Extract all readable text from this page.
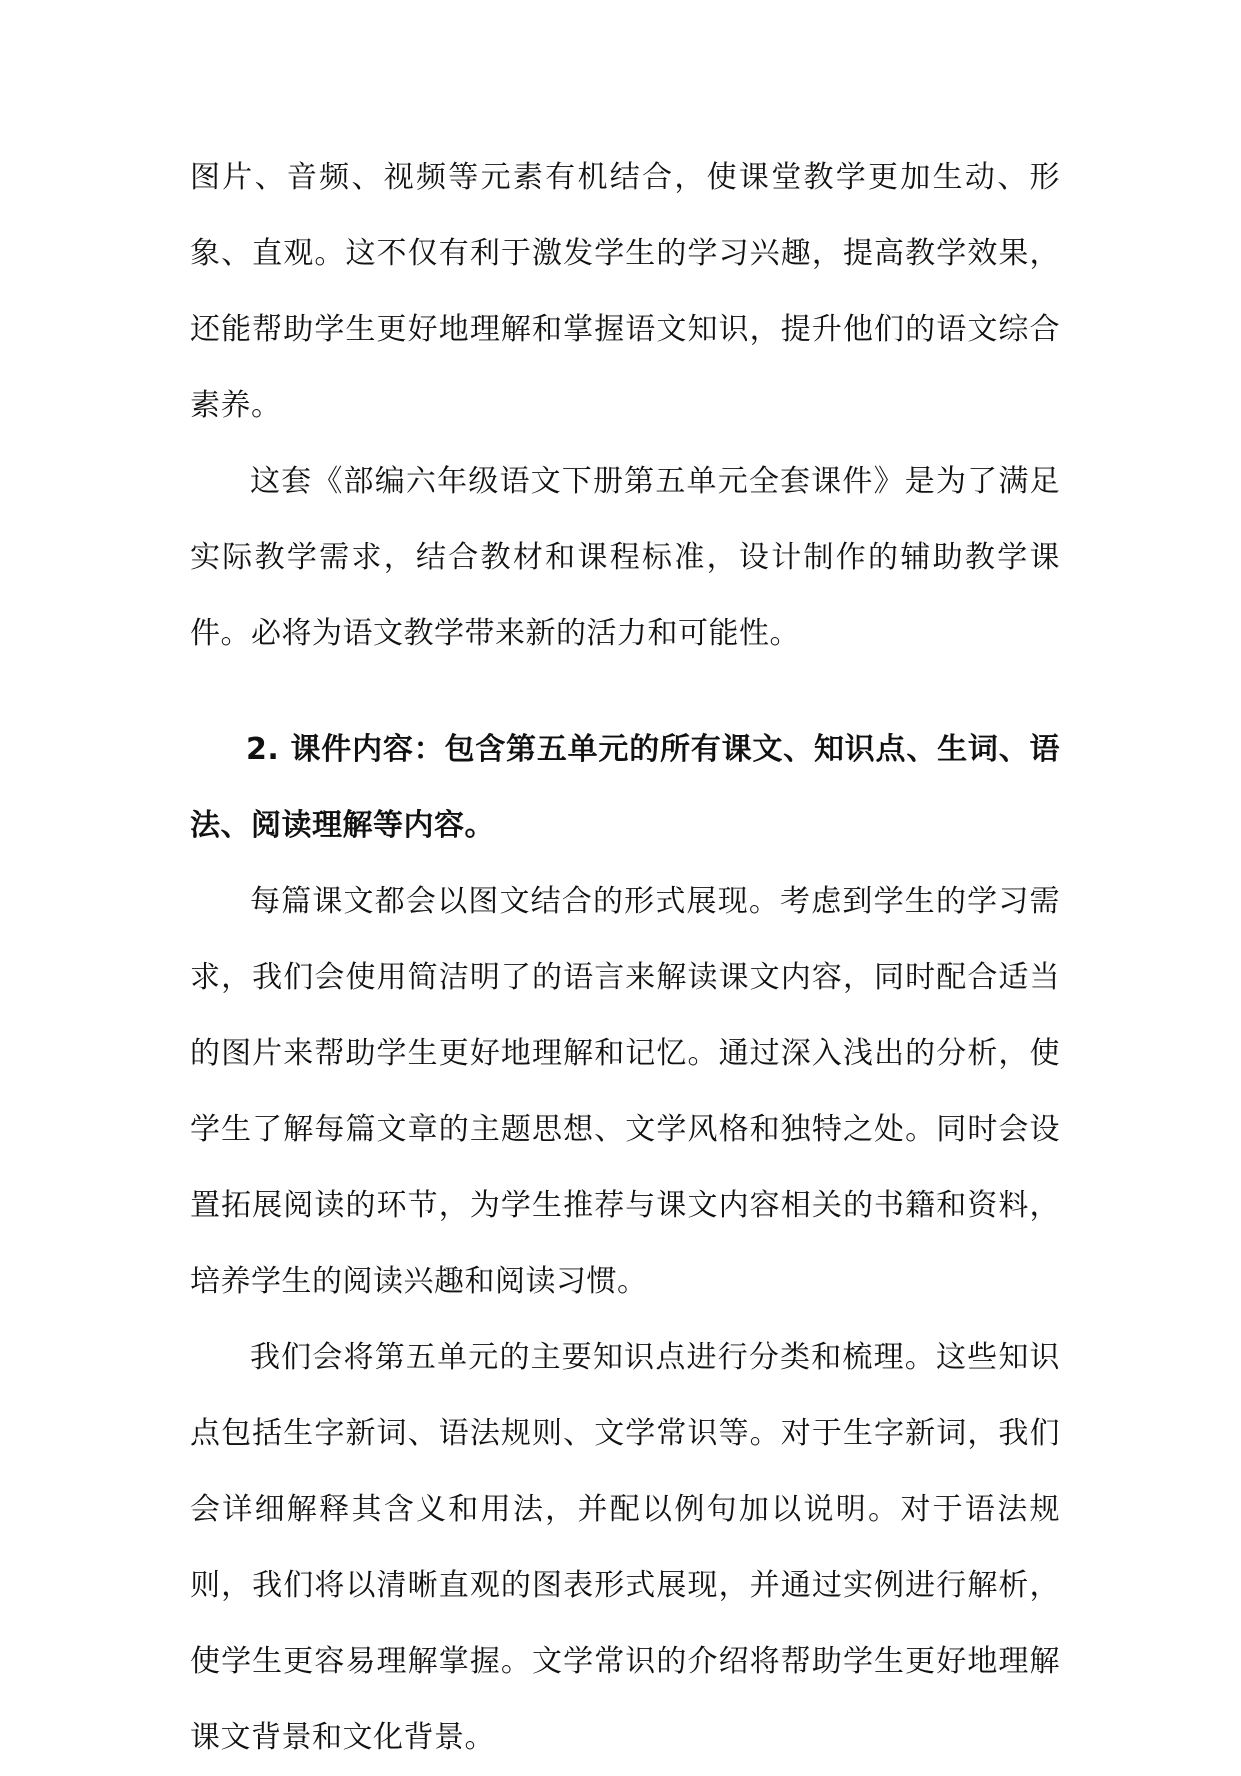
图片、音频、视频等元素有机结合，使课堂教学更加生动、形象、直观。这不仅有利于激发学生的学习兴趣，提高教学效果，还能帮助学生更好地理解和掌握语文知识，提升他们的语文综合素养。

这套《部编六年级语文下册第五单元全套课件》是为了满足实际教学需求，结合教材和课程标准，设计制作的辅助教学课件。必将为语文教学带来新的活力和可能性。

2. 课件内容：包含第五单元的所有课文、知识点、生词、语法、阅读理解等内容。

每篇课文都会以图文结合的形式展现。考虑到学生的学习需求，我们会使用简洁明了的语言来解读课文内容，同时配合适当的图片来帮助学生更好地理解和记忆。通过深入浅出的分析，使学生了解每篇文章的主题思想、文学风格和独特之处。同时会设置拓展阅读的环节，为学生推荐与课文内容相关的书籍和资料，培养学生的阅读兴趣和阅读习惯。

我们会将第五单元的主要知识点进行分类和梳理。这些知识点包括生字新词、语法规则、文学常识等。对于生字新词，我们会详细解释其含义和用法，并配以例句加以说明。对于语法规则，我们将以清晰直观的图表形式展现，并通过实例进行解析，使学生更容易理解掌握。文学常识的介绍将帮助学生更好地理解课文背景和文化背景。
